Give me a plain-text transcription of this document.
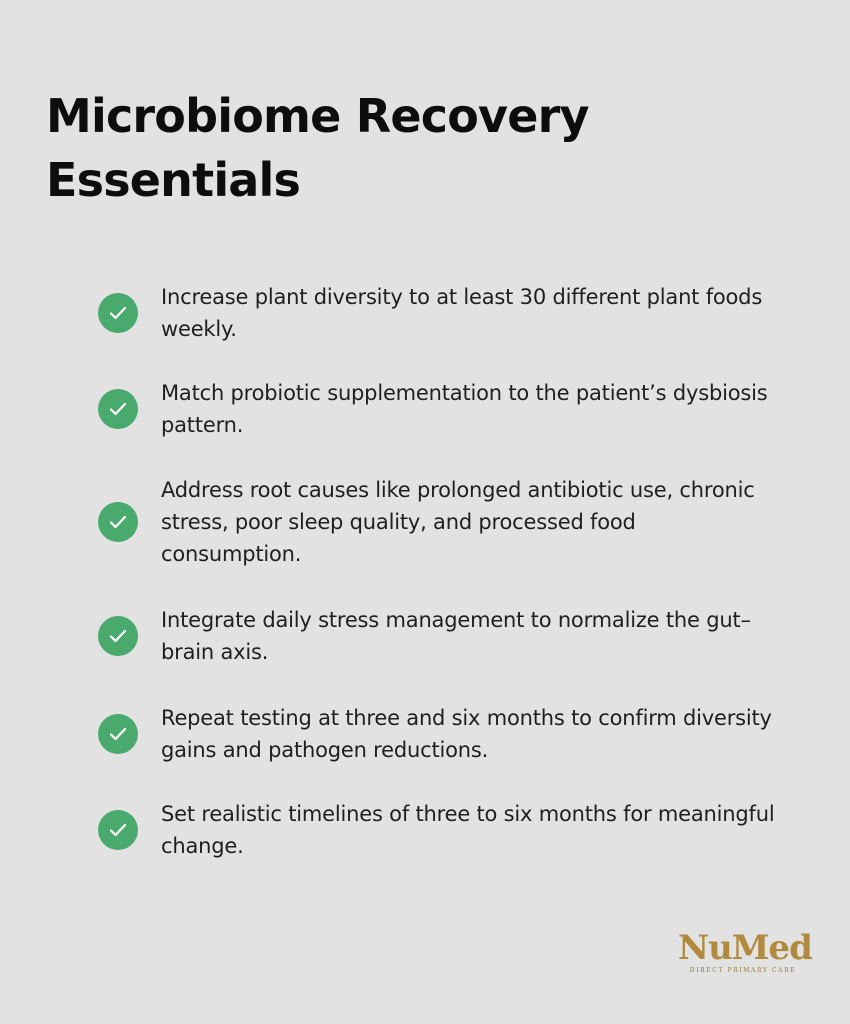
Microbiome Recovery Essentials
Increase plant diversity to at least 30 different plant foods weekly.
Match probiotic supplementation to the patient’s dysbiosis pattern.
Address root causes like prolonged antibiotic use, chronic stress, poor sleep quality, and processed food consumption.
Integrate daily stress management to normalize the gut–brain axis.
Repeat testing at three and six months to confirm diversity gains and pathogen reductions.
Set realistic timelines of three to six months for meaningful change.
NuMed
DIRECT PRIMARY CARE
